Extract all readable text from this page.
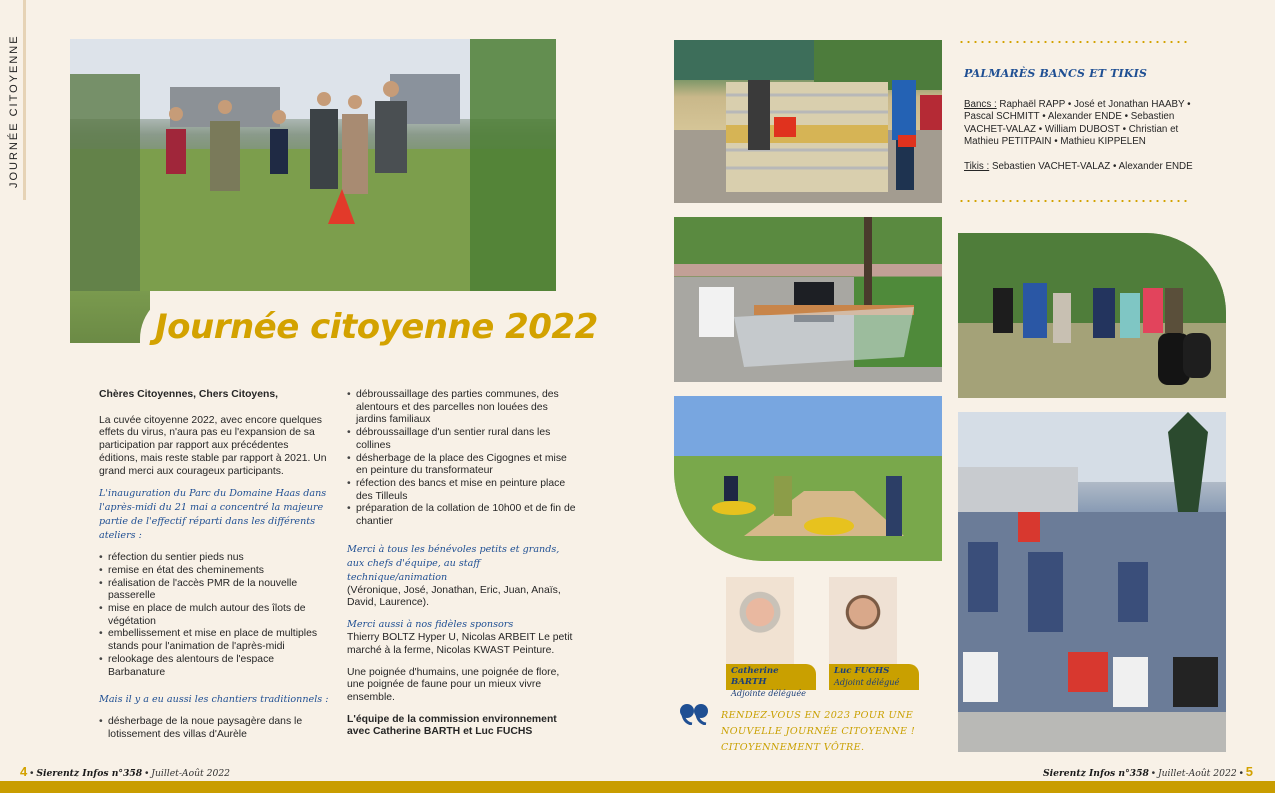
JOURNÉE CITOYENNE
Journée citoyenne 2022

Chères Citoyennes, Chers Citoyens,

La cuvée citoyenne 2022, avec encore quelques effets du virus, n'aura pas eu l'expansion de sa participation par rapport aux précédentes éditions, mais reste stable par rapport à 2021. Un grand merci aux courageux participants.

L'inauguration du Parc du Domaine Haas dans l'après-midi du 21 mai a concentré la majeure partie de l'effectif réparti dans les différents ateliers :

• réfection du sentier pieds nus
• remise en état des cheminements
• réalisation de l'accès PMR de la nouvelle passerelle
• mise en place de mulch autour des îlots de végétation
• embellissement et mise en place de multiples stands pour l'animation de l'après-midi
• relookage des alentours de l'espace Barbanature

Mais il y a eu aussi les chantiers traditionnels :

• désherbage de la noue paysagère dans le lotissement des villas d'Aurèle
• débroussaillage des parties communes, des alentours et des parcelles non louées des jardins familiaux
• débroussaillage d'un sentier rural dans les collines
• désherbage de la place des Cigognes et mise en peinture du transformateur
• réfection des bancs et mise en peinture place des Tilleuls
• préparation de la collation de 10h00 et de fin de chantier

Merci à tous les bénévoles petits et grands, aux chefs d'équipe, au staff technique/animation
(Véronique, José, Jonathan, Eric, Juan, Anaïs, David, Laurence).

Merci aussi à nos fidèles sponsors
Thierry BOLTZ Hyper U, Nicolas ARBEIT Le petit marché à la ferme, Nicolas KWAST Peinture.

Une poignée d'humains, une poignée de flore, une poignée de faune pour un mieux vivre ensemble.

L'équipe de la commission environnement
avec Catherine BARTH et Luc FUCHS

PALMARÈS BANCS ET TIKIS

Bancs : Raphaël RAPP • José et Jonathan HAABY • Pascal SCHMITT • Alexander ENDE • Sebastien VACHET-VALAZ • William DUBOST • Christian et Mathieu PETITPAIN • Mathieu KIPPELEN

Tikis : Sebastien VACHET-VALAZ • Alexander ENDE

Catherine BARTH
Adjointe déléguée
Luc FUCHS
Adjoint délégué
RENDEZ-VOUS EN 2023 POUR UNE
NOUVELLE JOURNÉE CITOYENNE !
CITOYENNEMENT VÔTRE.
4 • Sierentz Infos n°358 • Juillet-Août 2022	Sierentz Infos n°358 • Juillet-Août 2022 • 5
